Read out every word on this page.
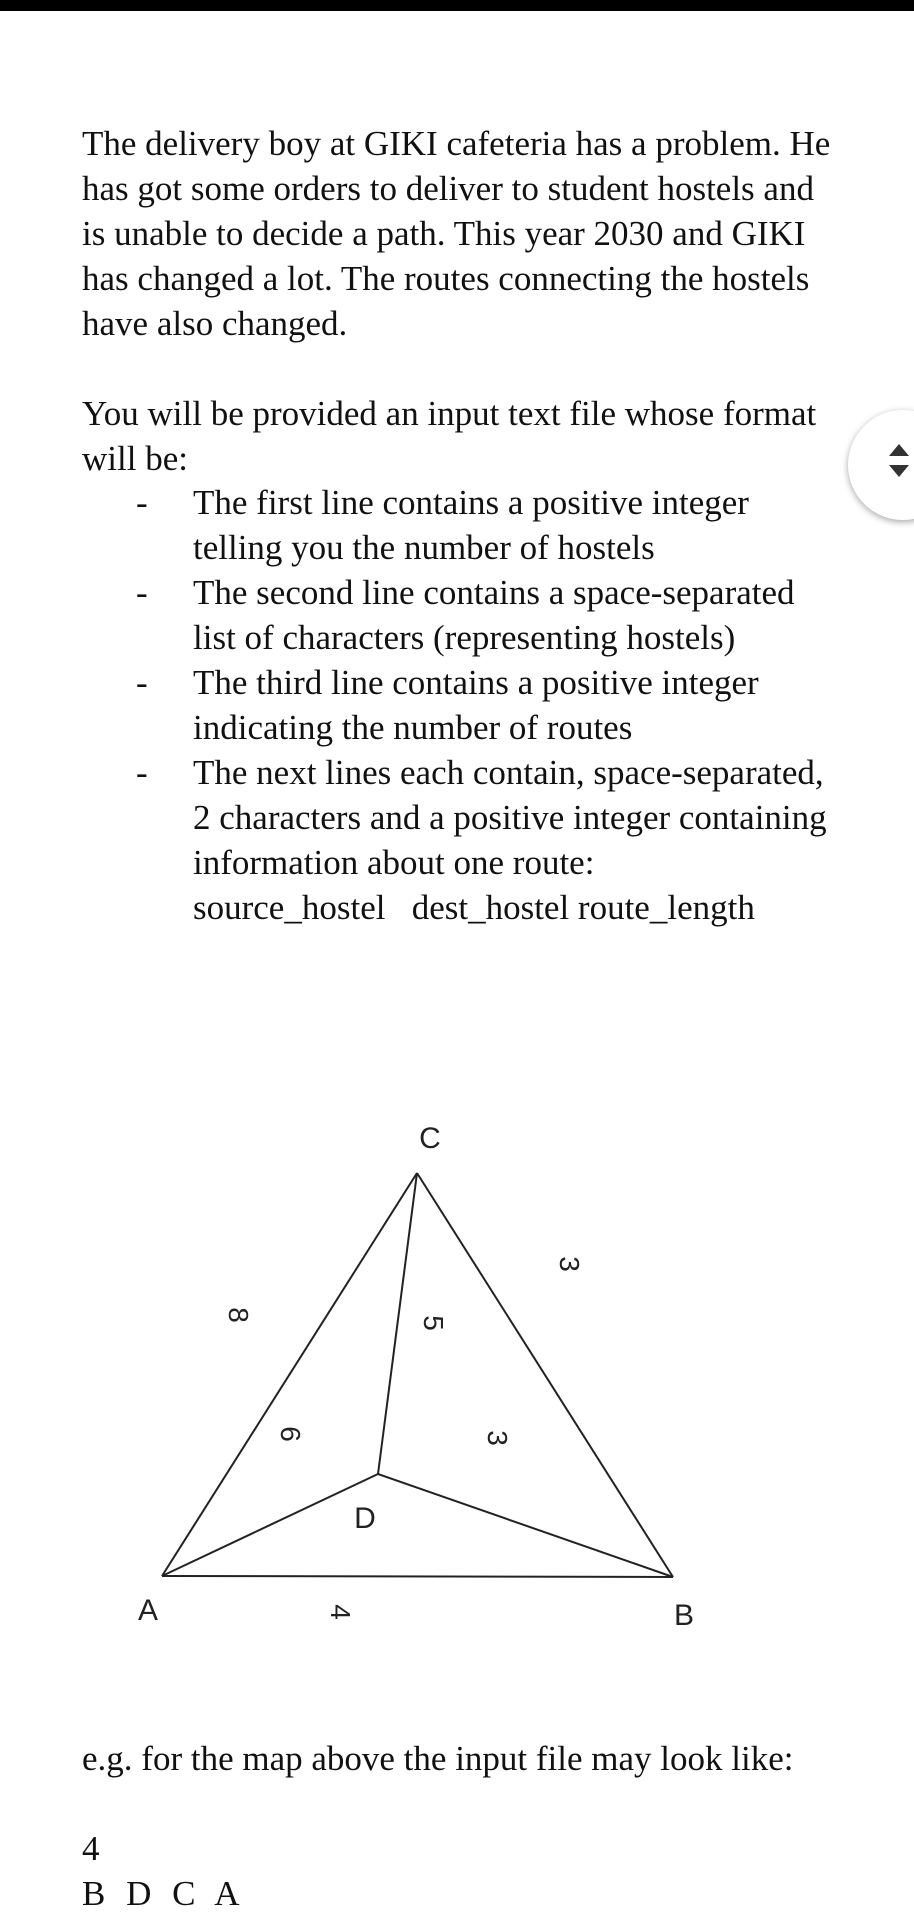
The delivery boy at GIKI cafeteria has a problem. He has got some orders to deliver to student hostels and is unable to decide a path. This year 2030 and GIKI has changed a lot. The routes connecting the hostels have also changed.

You will be provided an input text file whose format will be:

- The first line contains a positive integer telling you the number of hostels
- The second line contains a space-separated list of characters (representing hostels)
- The third line contains a positive integer indicating the number of routes
- The next lines each contain, space-separated, 2 characters and a positive integer containing information about one route: source_hostel   dest_hostel route_length
C
A	B
D
8
6
5
3
3
4

e.g. for the map above the input file may look like:

4

B D C A
